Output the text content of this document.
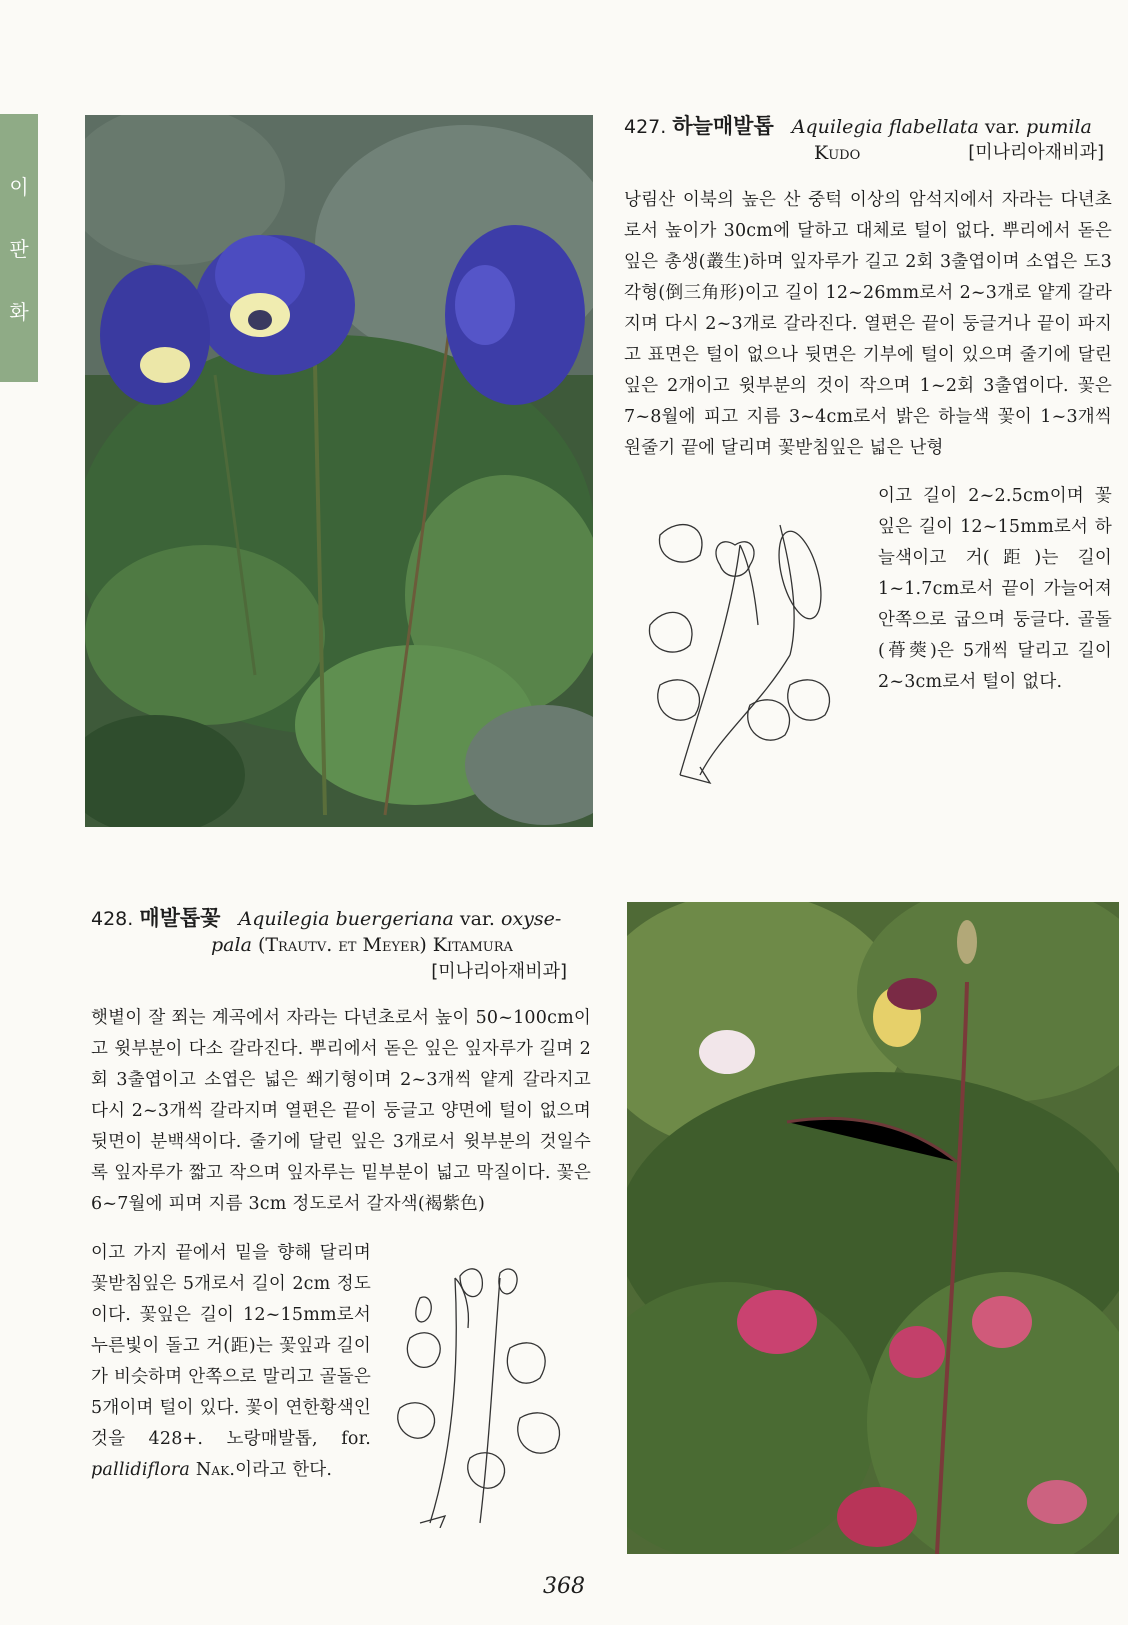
이
판
화
427. 하늘매발톱 Aquilegia flabellata var. pumila
Kudo	[미나리아재비과]

낭림산 이북의 높은 산 중턱 이상의 암석지에서 자라는 다년초로서 높이가 30cm에 달하고 대체로 털이 없다. 뿌리에서 돋은 잎은 총생(叢生)하며 잎자루가 길고 2회 3출엽이며 소엽은 도3각형(倒三角形)이고 길이 12~26mm로서 2~3개로 얕게 갈라지며 다시 2~3개로 갈라진다. 열편은 끝이 둥글거나 끝이 파지고 표면은 털이 없으나 뒷면은 기부에 털이 있으며 줄기에 달린 잎은 2개이고 윗부분의 것이 작으며 1~2회 3출엽이다. 꽃은 7~8월에 피고 지름 3~4cm로서 밝은 하늘색 꽃이 1~3개씩 원줄기 끝에 달리며 꽃받침잎은 넓은 난형

이고 길이 2~2.5cm이며 꽃잎은 길이 12~15mm로서 하늘색이고 거(距)는 길이 1~1.7cm로서 끝이 가늘어져 안쪽으로 굽으며 둥글다. 골돌(蓇葖)은 5개씩 달리고 길이 2~3cm로서 털이 없다.

428. 매발톱꽃 Aquilegia buergeriana var. oxyse-
pala (Trautv. et Meyer) Kitamura
[미나리아재비과]

햇볕이 잘 쬐는 계곡에서 자라는 다년초로서 높이 50~100cm이고 윗부분이 다소 갈라진다. 뿌리에서 돋은 잎은 잎자루가 길며 2회 3출엽이고 소엽은 넓은 쐐기형이며 2~3개씩 얕게 갈라지고 다시 2~3개씩 갈라지며 열편은 끝이 둥글고 양면에 털이 없으며 뒷면이 분백색이다. 줄기에 달린 잎은 3개로서 윗부분의 것일수록 잎자루가 짧고 작으며 잎자루는 밑부분이 넓고 막질이다. 꽃은 6~7월에 피며 지름 3cm 정도로서 갈자색(褐紫色)

이고 가지 끝에서 밑을 향해 달리며 꽃받침잎은 5개로서 길이 2cm 정도이다. 꽃잎은 길이 12~15mm로서 누른빛이 돌고 거(距)는 꽃잎과 길이가 비슷하며 안쪽으로 말리고 골돌은 5개이며 털이 있다. 꽃이 연한황색인 것을 428+. 노랑매발톱, for. pallidiflora Nak.이라고 한다.

368
